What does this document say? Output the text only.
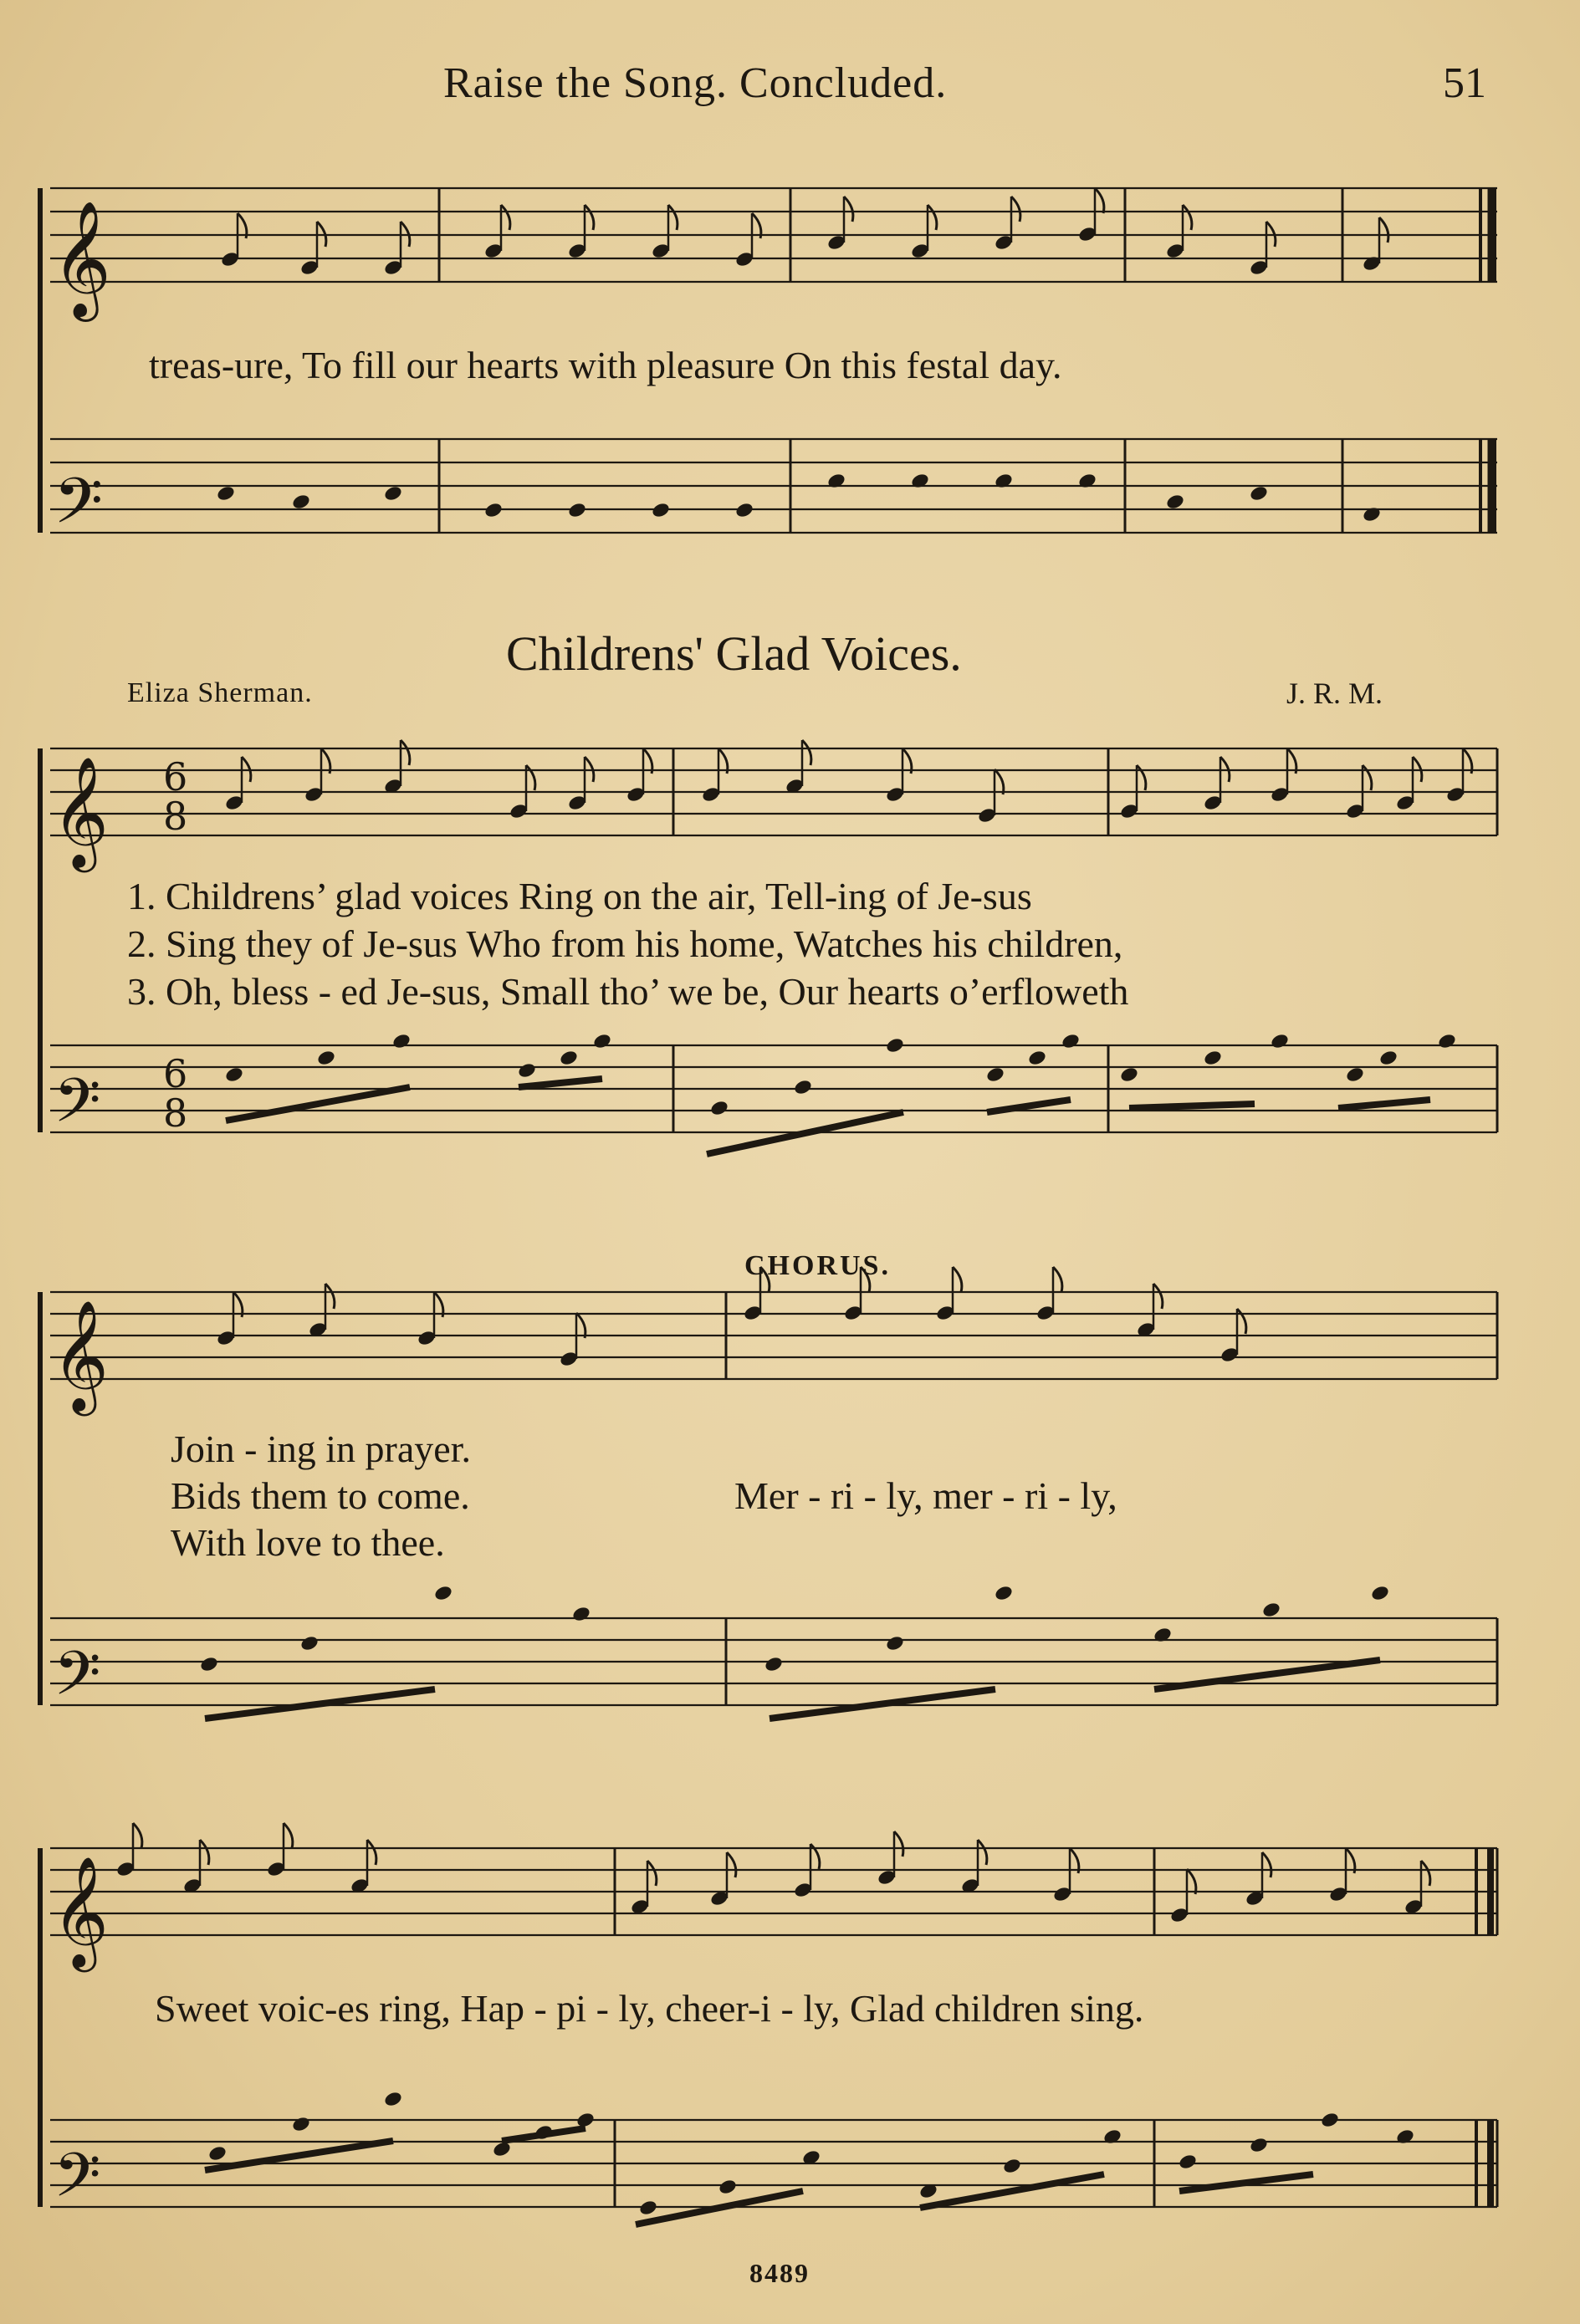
Raise the Song. Concluded.	51
𝄞
𝄢
𝄞
𝄢
6
8
6
8
𝄞
𝄢
𝄞
𝄢
treas-ure, To fill our hearts with pleasure On this festal day.
Childrens' Glad Voices.
Eliza Sherman.	J. R. M.
1. Childrens’ glad voices Ring on the air, Tell-ing of Je-sus
2. Sing they of Je-sus Who from his home, Watches his children,
3. Oh, bless - ed Je-sus, Small tho’ we be, Our hearts o’erfloweth
CHORUS.
Join - ing in prayer.
Bids them to come.
With love to thee.
Mer - ri - ly, mer - ri - ly,
Sweet voic-es ring, Hap - pi - ly, cheer-i - ly, Glad children sing.
8489
